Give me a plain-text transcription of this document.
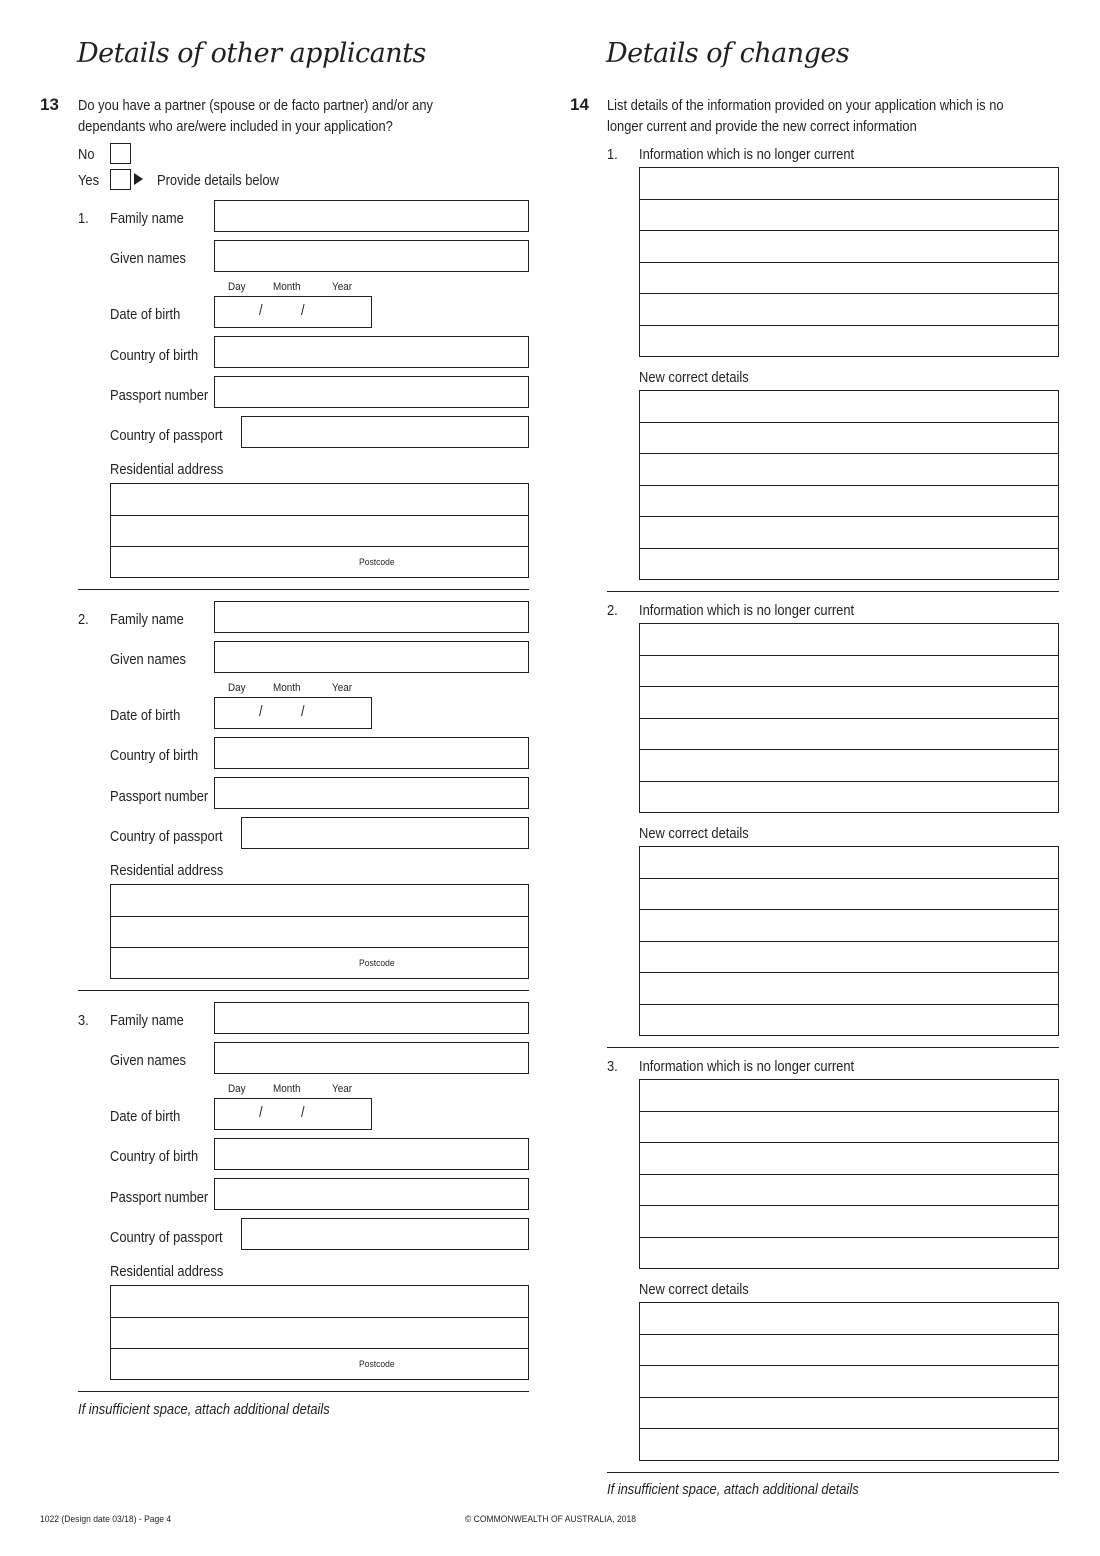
Details of other applicants
13 Do you have a partner (spouse or de facto partner) and/or any
dependants who are/were included in your application?
No
Yes	Provide details below
1. Family name
Given names
Day Month	Year
Date of birth	/	/
Country of birth
Passport number
Country of passport
Residential address
Postcode
2. Family name
Given names
Day Month	Year
Date of birth	/	/
Country of birth
Passport number
Country of passport
Residential address
Postcode
3. Family name
Given names
Day Month	Year
Date of birth	/	/
Country of birth
Passport number
Country of passport
Residential address
Postcode
If insufficient space, attach additional details
Details of changes
14 List details of the information provided on your application which is no
longer current and provide the new correct information
1. Information which is no longer current
New correct details
2. Information which is no longer current
New correct details
3. Information which is no longer current
New correct details
If insufficient space, attach additional details
1022 (Design date 03/18) - Page 4	© COMMONWEALTH OF AUSTRALIA, 2018
